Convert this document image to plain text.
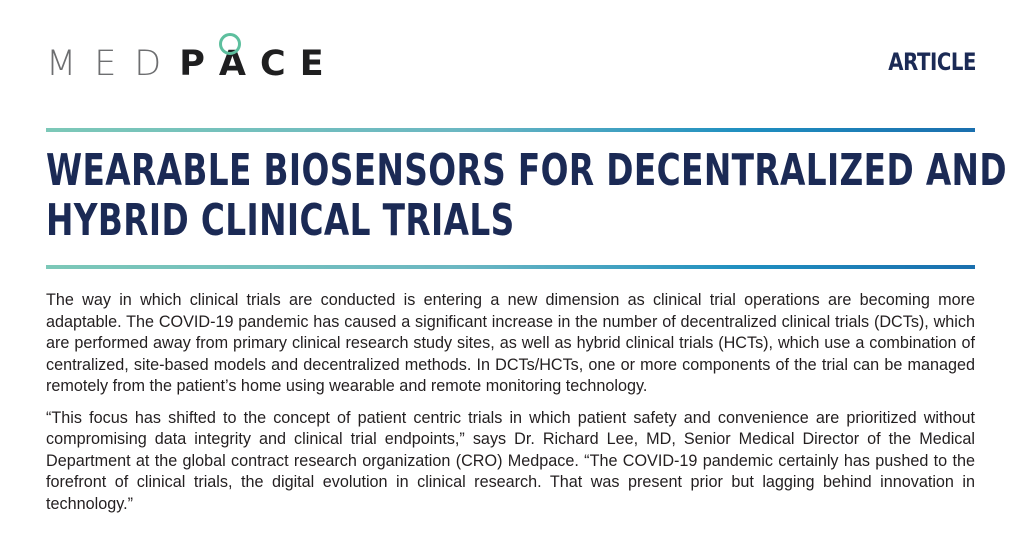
MED P A C E	ARTICLE
WEARABLE BIOSENSORS FOR DECENTRALIZED AND
HYBRID CLINICAL TRIALS

The way in which clinical trials are conducted is entering a new dimension as clinical trial operations are becoming more adaptable. The COVID-19 pandemic has caused a significant increase in the number of decentralized clinical trials (DCTs), which are performed away from primary clinical research study sites, as well as hybrid clinical trials (HCTs), which use a combination of centralized, site-based models and decentralized methods. In DCTs/HCTs, one or more components of the trial can be managed remotely from the patient’s home using wearable and remote monitoring technology.

“This focus has shifted to the concept of patient centric trials in which patient safety and convenience are prioritized without compromising data integrity and clinical trial endpoints,” says Dr. Richard Lee, MD, Senior Medical Director of the Medical Department at the global contract research organization (CRO) Medpace. “The COVID-19 pandemic certainly has pushed to the forefront of clinical trials, the digital evolution in clinical research. That was present prior but lagging behind innovation in technology.”
